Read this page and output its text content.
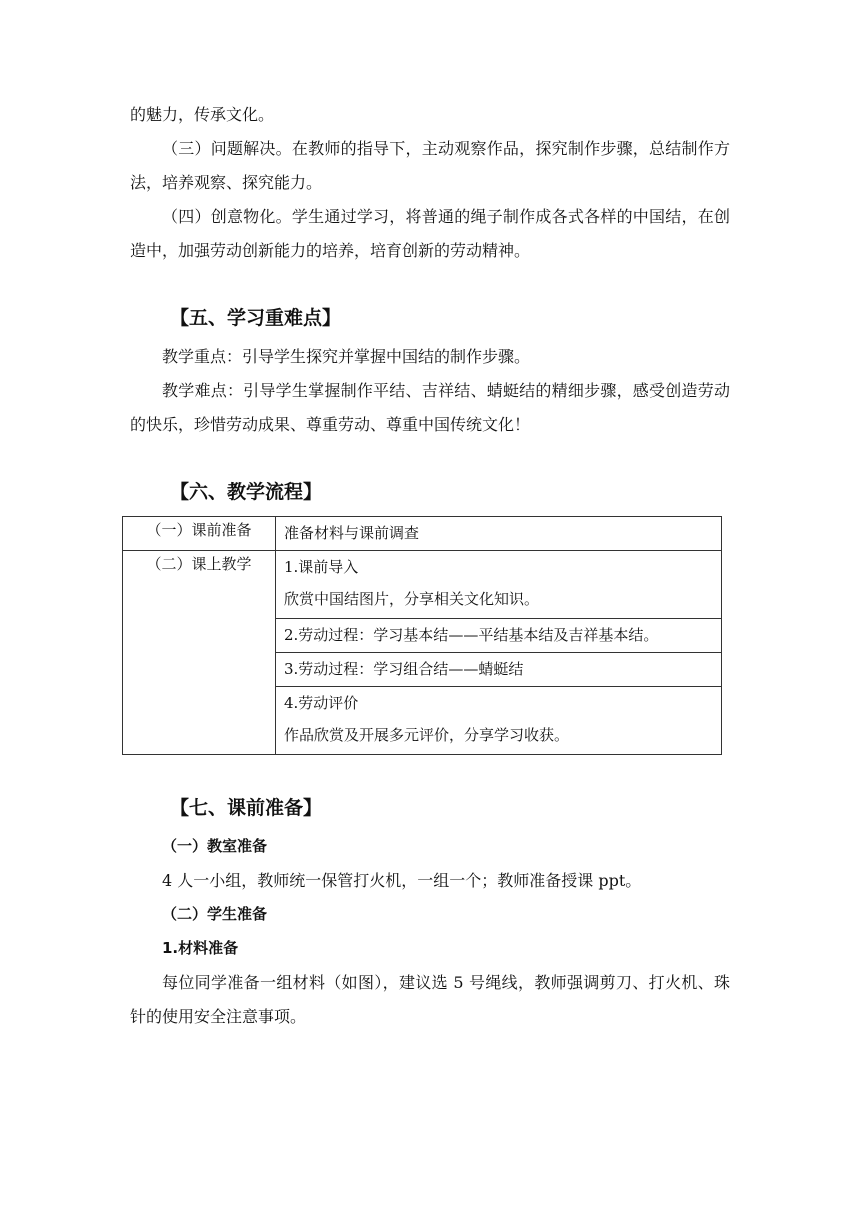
的魅力，传承文化。

（三）问题解决。在教师的指导下，主动观察作品，探究制作步骤，总结制作方法，培养观察、探究能力。

（四）创意物化。学生通过学习，将普通的绳子制作成各式各样的中国结，在创造中，加强劳动创新能力的培养，培育创新的劳动精神。

【五、学习重难点】

教学重点：引导学生探究并掌握中国结的制作步骤。

教学难点：引导学生掌握制作平结、吉祥结、蜻蜓结的精细步骤，感受创造劳动的快乐，珍惜劳动成果、尊重劳动、尊重中国传统文化！

【六、教学流程】
（一）课前准备	准备材料与课前调查

（二）课上教学	1.课前导入
欣赏中国结图片，分享相关文化知识。

	2.劳动过程：学习基本结——平结基本结及吉祥基本结。

	3.劳动过程：学习组合结——蜻蜓结

	4.劳动评价
作品欣赏及开展多元评价，分享学习收获。
【七、课前准备】
（一）教室准备

4 人一小组，教师统一保管打火机，一组一个；教师准备授课 ppt。

（二）学生准备
1.材料准备

每位同学准备一组材料（如图），建议选 5 号绳线，教师强调剪刀、打火机、珠针的使用安全注意事项。
